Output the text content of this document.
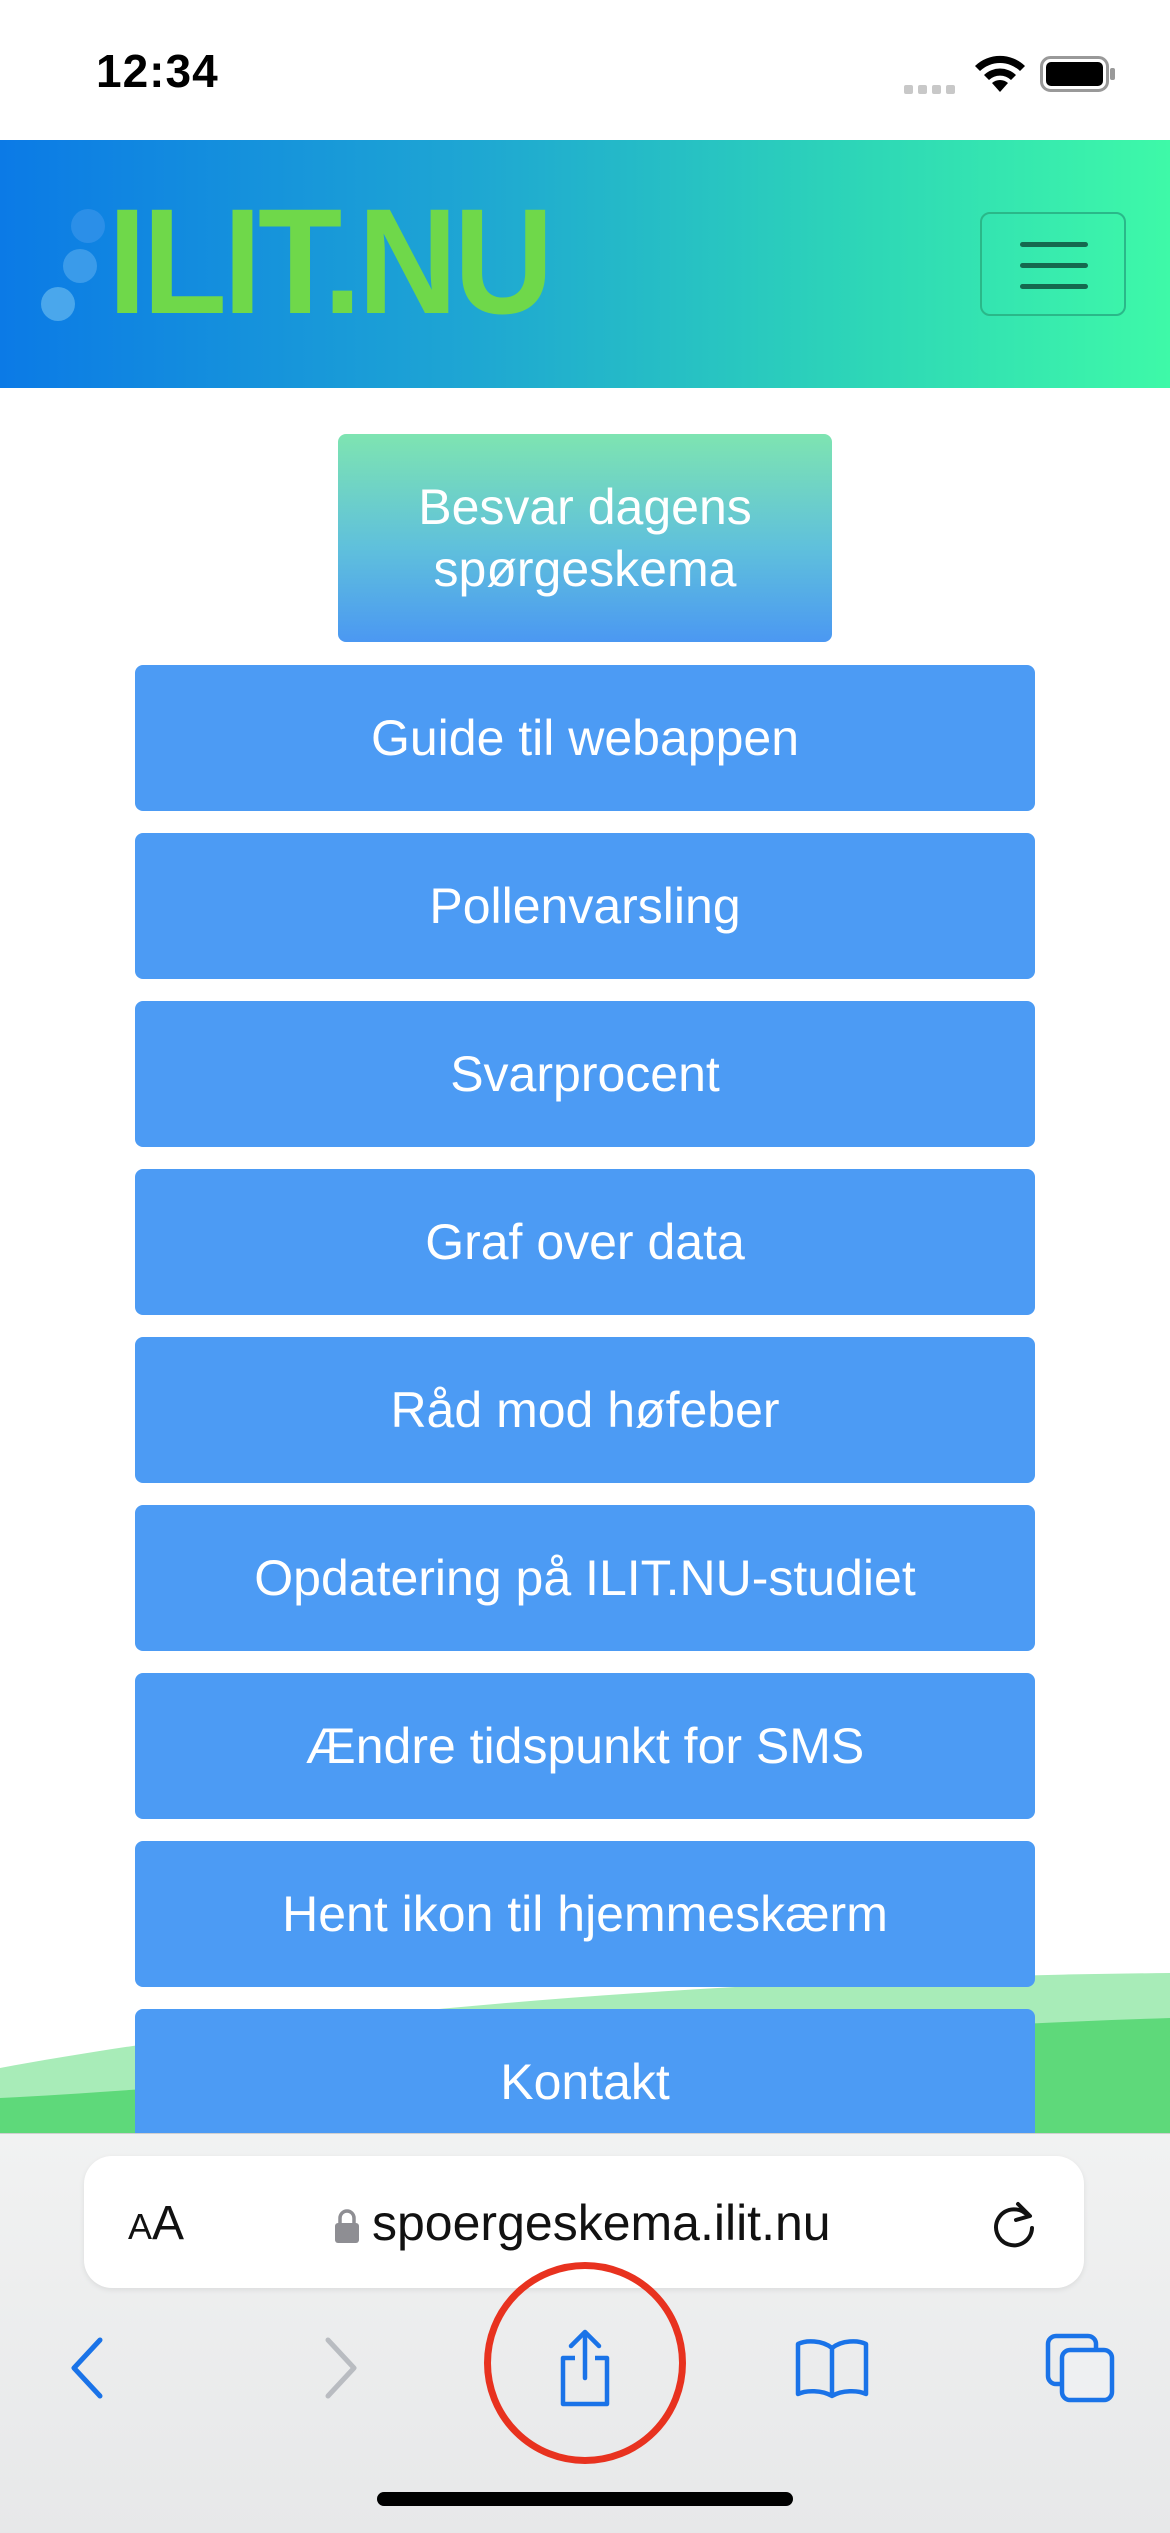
12:34
ILIT.NU
Besvar dagens spørgeskema
Guide til webappen
Pollenvarsling
Svarprocent
Graf over data
Råd mod høfeber
Opdatering på ILIT.NU-studiet
Ændre tidspunkt for SMS
Hent ikon til hjemmeskærm
Kontakt
AA	spoergeskema.ilit.nu
